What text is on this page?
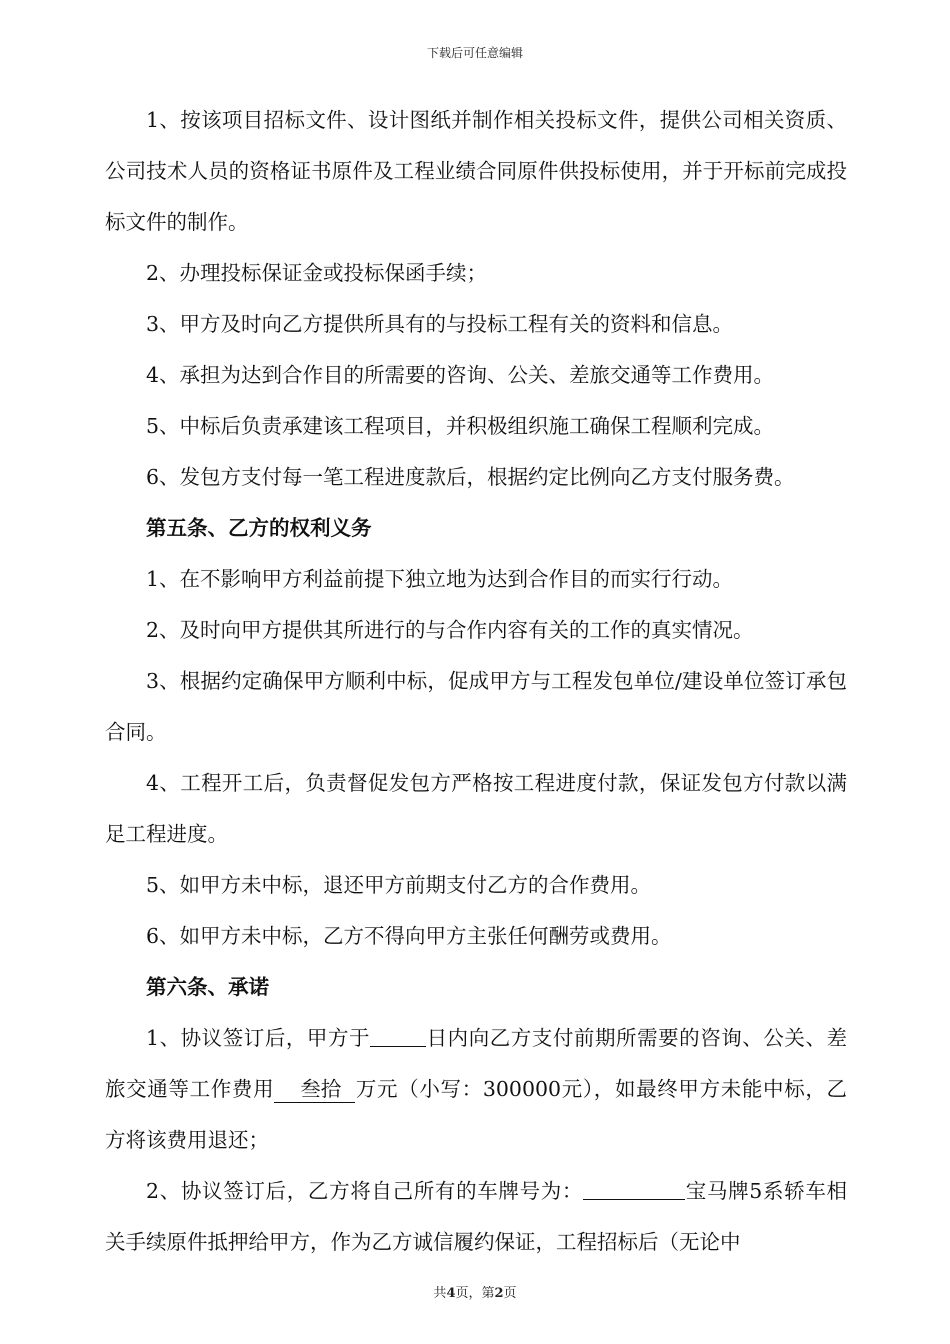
下载后可任意编辑

1、按该项目招标文件、设计图纸并制作相关投标文件，提供公司相关资质、公司技术人员的资格证书原件及工程业绩合同原件供投标使用，并于开标前完成投标文件的制作。

2、办理投标保证金或投标保函手续；

3、甲方及时向乙方提供所具有的与投标工程有关的资料和信息。

4、承担为达到合作目的所需要的咨询、公关、差旅交通等工作费用。

5、中标后负责承建该工程项目，并积极组织施工确保工程顺利完成。

6、发包方支付每一笔工程进度款后，根据约定比例向乙方支付服务费。

第五条、乙方的权利义务

1、在不影响甲方利益前提下独立地为达到合作目的而实行行动。

2、及时向甲方提供其所进行的与合作内容有关的工作的真实情况。

3、根据约定确保甲方顺利中标，促成甲方与工程发包单位/建设单位签订承包合同。

4、工程开工后，负责督促发包方严格按工程进度付款，保证发包方付款以满足工程进度。

5、如甲方未中标，退还甲方前期支付乙方的合作费用。

6、如甲方未中标，乙方不得向甲方主张任何酬劳或费用。

第六条、承诺

1、协议签订后，甲方于	日内向乙方支付前期所需要的咨询、公关、差旅交通等工作费用 叁拾 万元（小写：300000元），如最终甲方未能中标，乙方将该费用退还；

2、协议签订后，乙方将自己所有的车牌号为：	宝马牌5系轿车相关手续原件抵押给甲方，作为乙方诚信履约保证，工程招标后（无论中

共4页，第2页
